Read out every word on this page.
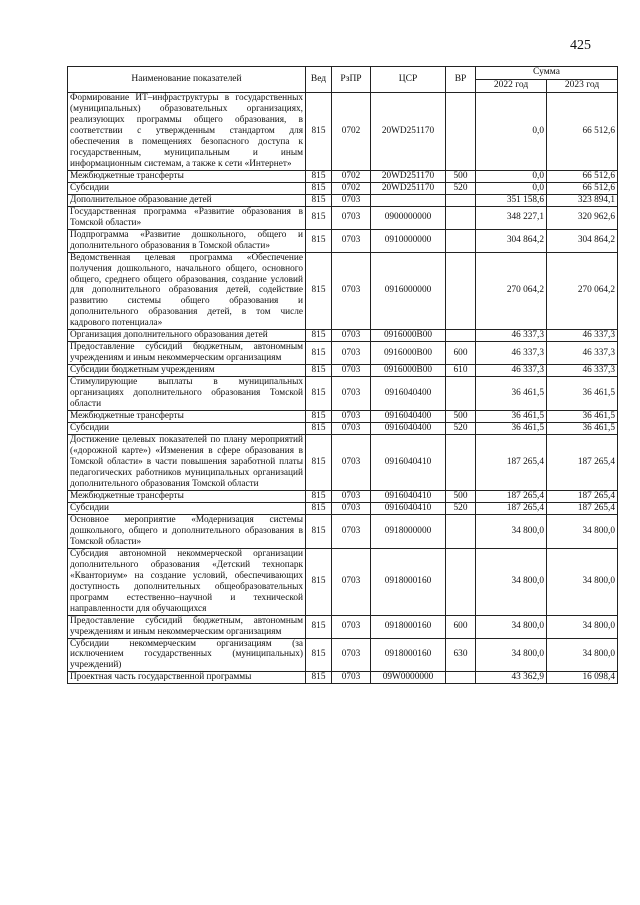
425
Наименование показателей	Вед	РзПР	ЦСР	ВР	Сумма	
					2022 год	2023 год
Формирование ИТ–инфраструктуры в государственных (муниципальных) образовательных организациях, реализующих программы общего образования, в соответствии с утвержденным стандартом для обеспечения в помещениях безопасного доступа к государственным, муниципальным и иным информационным системам, а также к сети «Интернет»	815	0702	20WD251170		0,0	66 512,6
Межбюджетные трансферты	815	0702	20WD251170	500	0,0	66 512,6
Субсидии	815	0702	20WD251170	520	0,0	66 512,6
Дополнительное образование детей	815	0703			351 158,6	323 894,1
Государственная программа «Развитие образования в Томской области»	815	0703	0900000000		348 227,1	320 962,6
Подпрограмма «Развитие дошкольного, общего и дополнительного образования в Томской области»	815	0703	0910000000		304 864,2	304 864,2
Ведомственная целевая программа «Обеспечение получения дошкольного, начального общего, основного общего, среднего общего образования, создание условий для дополнительного образования детей, содействие развитию системы общего образования и дополнительного образования детей, в том числе кадрового потенциала»	815	0703	0916000000		270 064,2	270 064,2
Организация дополнительного образования детей	815	0703	0916000В00		46 337,3	46 337,3
Предоставление субсидий бюджетным, автономным учреждениям и иным некоммерческим организациям	815	0703	0916000В00	600	46 337,3	46 337,3
Субсидии бюджетным учреждениям	815	0703	0916000В00	610	46 337,3	46 337,3
Стимулирующие выплаты в муниципальных организациях дополнительного образования Томской области	815	0703	0916040400		36 461,5	36 461,5
Межбюджетные трансферты	815	0703	0916040400	500	36 461,5	36 461,5
Субсидии	815	0703	0916040400	520	36 461,5	36 461,5
Достижение целевых показателей по плану мероприятий («дорожной карте») «Изменения в сфере образования в Томской области» в части повышения заработной платы педагогических работников муниципальных организаций дополнительного образования Томской области	815	0703	0916040410		187 265,4	187 265,4
Межбюджетные трансферты	815	0703	0916040410	500	187 265,4	187 265,4
Субсидии	815	0703	0916040410	520	187 265,4	187 265,4
Основное мероприятие «Модернизация системы дошкольного, общего и дополнительного образования в Томской области»	815	0703	0918000000		34 800,0	34 800,0
Субсидия автономной некоммерческой организации дополнительного образования «Детский технопарк «Кванториум» на создание условий, обеспечивающих доступность дополнительных общеобразовательных программ естественно–научной и технической направленности для обучающихся	815	0703	0918000160		34 800,0	34 800,0
Предоставление субсидий бюджетным, автономным учреждениям и иным некоммерческим организациям	815	0703	0918000160	600	34 800,0	34 800,0
Субсидии некоммерческим организациям (за исключением государственных (муниципальных) учреждений)	815	0703	0918000160	630	34 800,0	34 800,0
Проектная часть государственной программы	815	0703	09W0000000		43 362,9	16 098,4
